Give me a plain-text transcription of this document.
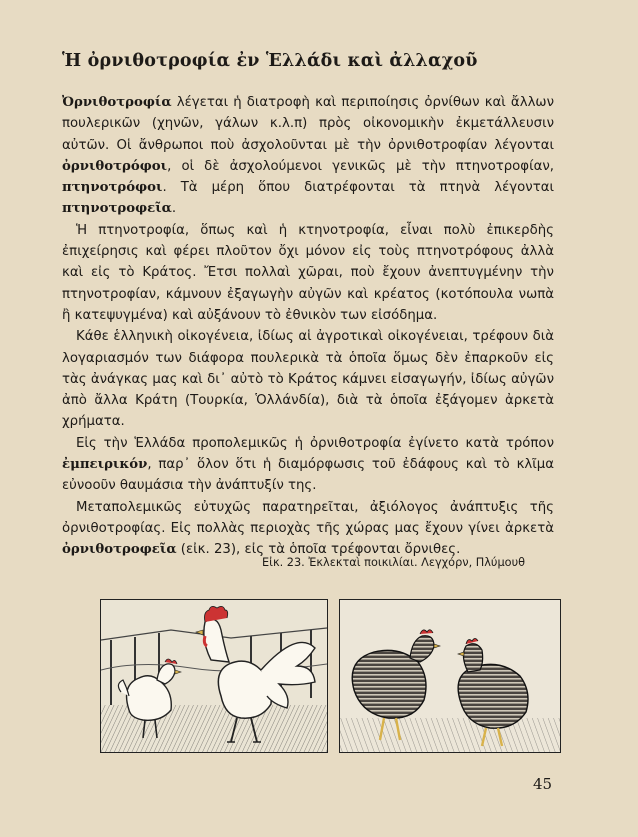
Ἡ ὀρνιθοτροφία ἐν Ἑλλάδι καὶ ἀλλαχοῦ

Ὀρνιθοτροφία λέγεται ἡ διατροφὴ καὶ περιποίησις ὀρνίθων καὶ ἄλλων πουλερικῶν (χηνῶν, γάλων κ.λ.π) πρὸς οἰκονομικὴν ἐκμετάλλευσιν αὐτῶν. Οἱ ἄνθρωποι ποὺ ἀσχολοῦνται μὲ τὴν ὀρνιθοτροφίαν λέγονται ὀρνιθοτρόφοι, οἱ δὲ ἀσχολούμενοι γενικῶς μὲ τὴν πτηνοτροφίαν, πτηνοτρόφοι. Τὰ μέρη ὅπου διατρέφονται τὰ πτηνὰ λέγονται πτηνοτροφεῖα.

Ἡ πτηνοτροφία, ὅπως καὶ ἡ κτηνοτροφία, εἶναι πολὺ ἐπικερδὴς ἐπιχείρησις καὶ φέρει πλοῦτον ὄχι μόνον εἰς τοὺς πτηνοτρόφους ἀλλὰ καὶ εἰς τὸ Κράτος. Ἔτσι πολλαὶ χῶραι, ποὺ ἔχουν ἀνεπτυγμένην τὴν πτηνοτροφίαν, κάμνουν ἐξαγωγὴν αὐγῶν καὶ κρέατος (κοτόπουλα νωπὰ ἢ κατεψυγμένα) καὶ αὐξάνουν τὸ ἐθνικὸν των εἰσόδημα.

Κάθε ἑλληνικὴ οἰκογένεια, ἰδίως αἱ ἀγροτικαὶ οἰκογένειαι, τρέφουν διὰ λογαριασμόν των διάφορα πουλερικὰ τὰ ὁποῖα ὅμως δὲν ἐπαρκοῦν εἰς τὰς ἀνάγκας μας καὶ δι᾽ αὐτὸ τὸ Κράτος κάμνει εἰσαγωγήν, ἰδίως αὐγῶν ἀπὸ ἄλλα Κράτη (Τουρκία, Ὁλλάνδία), διὰ τὰ ὁποῖα ἐξάγομεν ἀρκετὰ χρήματα.

Εἰς τὴν Ἑλλάδα προπολεμικῶς ἡ ὀρνιθοτροφία ἐγίνετο κατὰ τρόπον ἐμπειρικόν, παρ᾽ ὅλον ὅτι ἡ διαμόρφωσις τοῦ ἐδάφους καὶ τὸ κλῖμα εὐνοοῦν θαυμάσια τὴν ἀνάπτυξίν της.

Μεταπολεμικῶς εὐτυχῶς παρατηρεῖται, ἀξιόλογος ἀνάπτυξις τῆς ὀρνιθοτροφίας. Εἰς πολλὰς περιοχὰς τῆς χώρας μας ἔχουν γίνει ἀρκετὰ ὀρνιθοτροφεῖα (εἰκ. 23), εἰς τὰ ὁποῖα τρέφονται ὄρνιθες.

Εἰκ. 23. Ἐκλεκταὶ ποικιλίαι. Λεγχόρν, Πλύμουθ
45
